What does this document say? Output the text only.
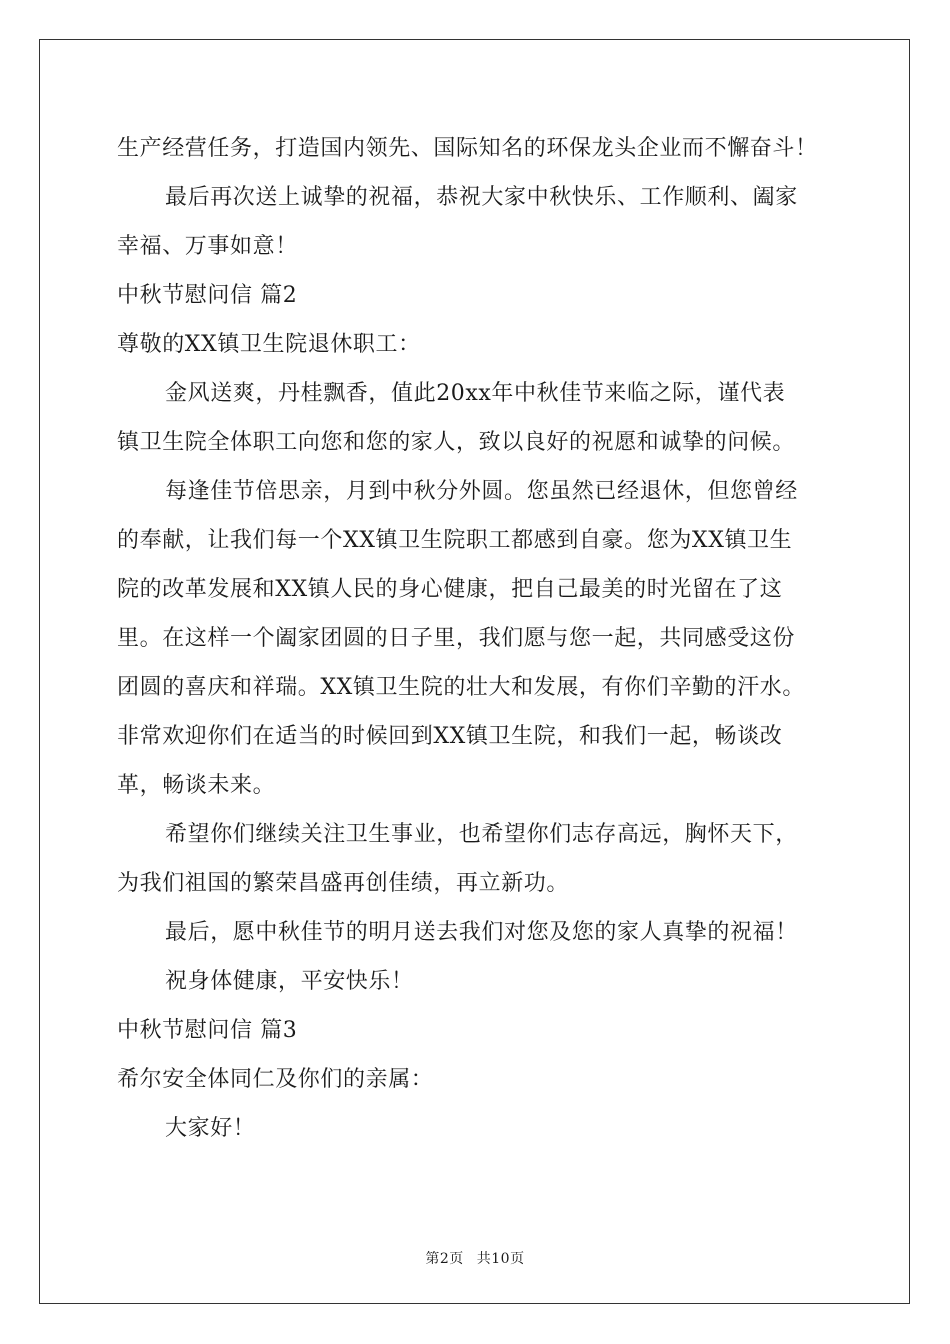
生产经营任务，打造国内领先、国际知名的环保龙头企业而不懈奋斗！
最后再次送上诚挚的祝福，恭祝大家中秋快乐、工作顺利、阖家
幸福、万事如意！
中秋节慰问信 篇2
尊敬的XX镇卫生院退休职工：
金风送爽，丹桂飘香，值此20xx年中秋佳节来临之际，谨代表
镇卫生院全体职工向您和您的家人，致以良好的祝愿和诚挚的问候。
每逢佳节倍思亲，月到中秋分外圆。您虽然已经退休，但您曾经
的奉献，让我们每一个XX镇卫生院职工都感到自豪。您为XX镇卫生
院的改革发展和XX镇人民的身心健康，把自己最美的时光留在了这
里。在这样一个阖家团圆的日子里，我们愿与您一起，共同感受这份
团圆的喜庆和祥瑞。XX镇卫生院的壮大和发展，有你们辛勤的汗水。
非常欢迎你们在适当的时候回到XX镇卫生院，和我们一起，畅谈改
革，畅谈未来。
希望你们继续关注卫生事业，也希望你们志存高远，胸怀天下，
为我们祖国的繁荣昌盛再创佳绩，再立新功。
最后，愿中秋佳节的明月送去我们对您及您的家人真挚的祝福！
祝身体健康，平安快乐！
中秋节慰问信 篇3
希尔安全体同仁及你们的亲属：
大家好！
第2页 共10页
